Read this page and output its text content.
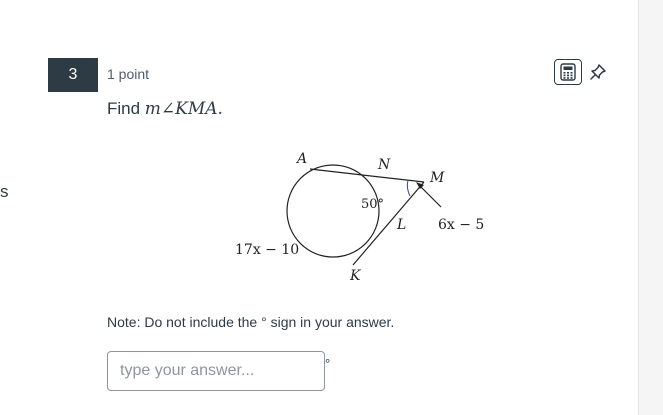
s
3	1 point
Find m∠KMA.
A	N
M
L
K
50°
6x − 5
17x − 10
Note: Do not include the ° sign in your answer.
type your answer...
°
